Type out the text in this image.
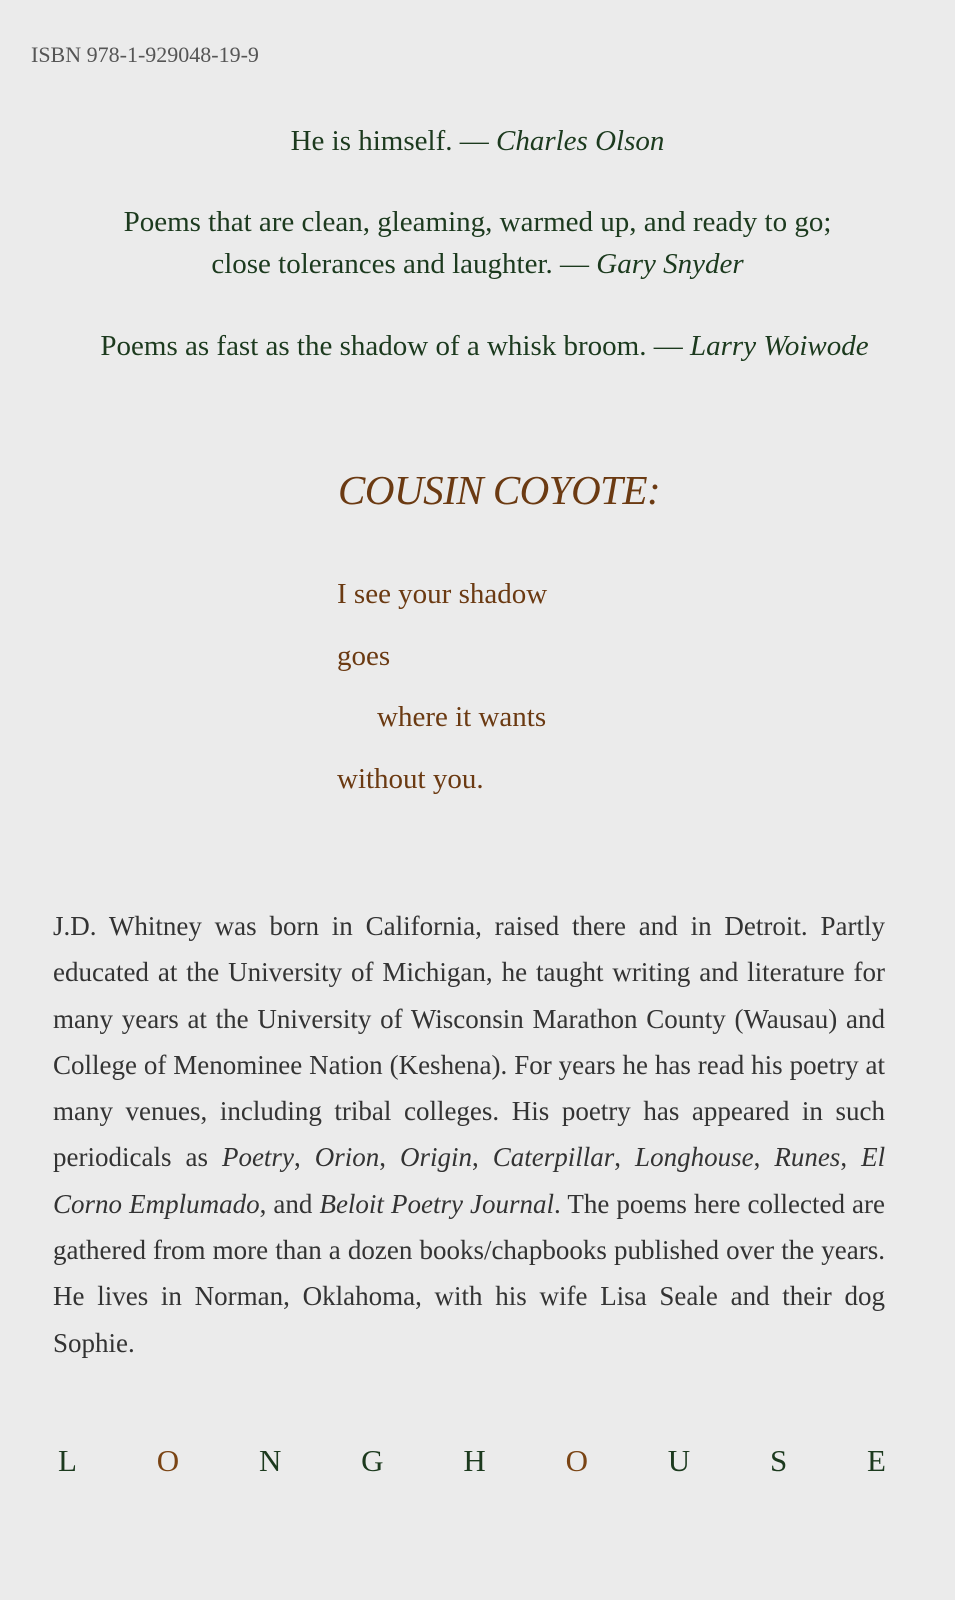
ISBN 978-1-929048-19-9
He is himself. — Charles Olson
Poems that are clean, gleaming, warmed up, and ready to go;
close tolerances and laughter. — Gary Snyder
Poems as fast as the shadow of a whisk broom. — Larry Woiwode
COUSIN COYOTE:
I see your shadow
goes
where it wants
without you.
J.D. Whitney was born in California, raised there and in Detroit. Partly educated at the University of Michigan, he taught writing and literature for many years at the University of Wisconsin Marathon County (Wausau) and College of Menominee Nation (Keshena). For years he has read his poetry at many venues, including tribal colleges. His poetry has appeared in such periodicals as Poetry, Orion, Origin, Caterpillar, Longhouse, Runes, El Corno Emplumado, and Beloit Poetry Journal. The poems here collected are gathered from more than a dozen books/chapbooks published over the years. He lives in Norman, Oklahoma, with his wife Lisa Seale and their dog Sophie.
L	O	N	G	H	O	U	S	E
